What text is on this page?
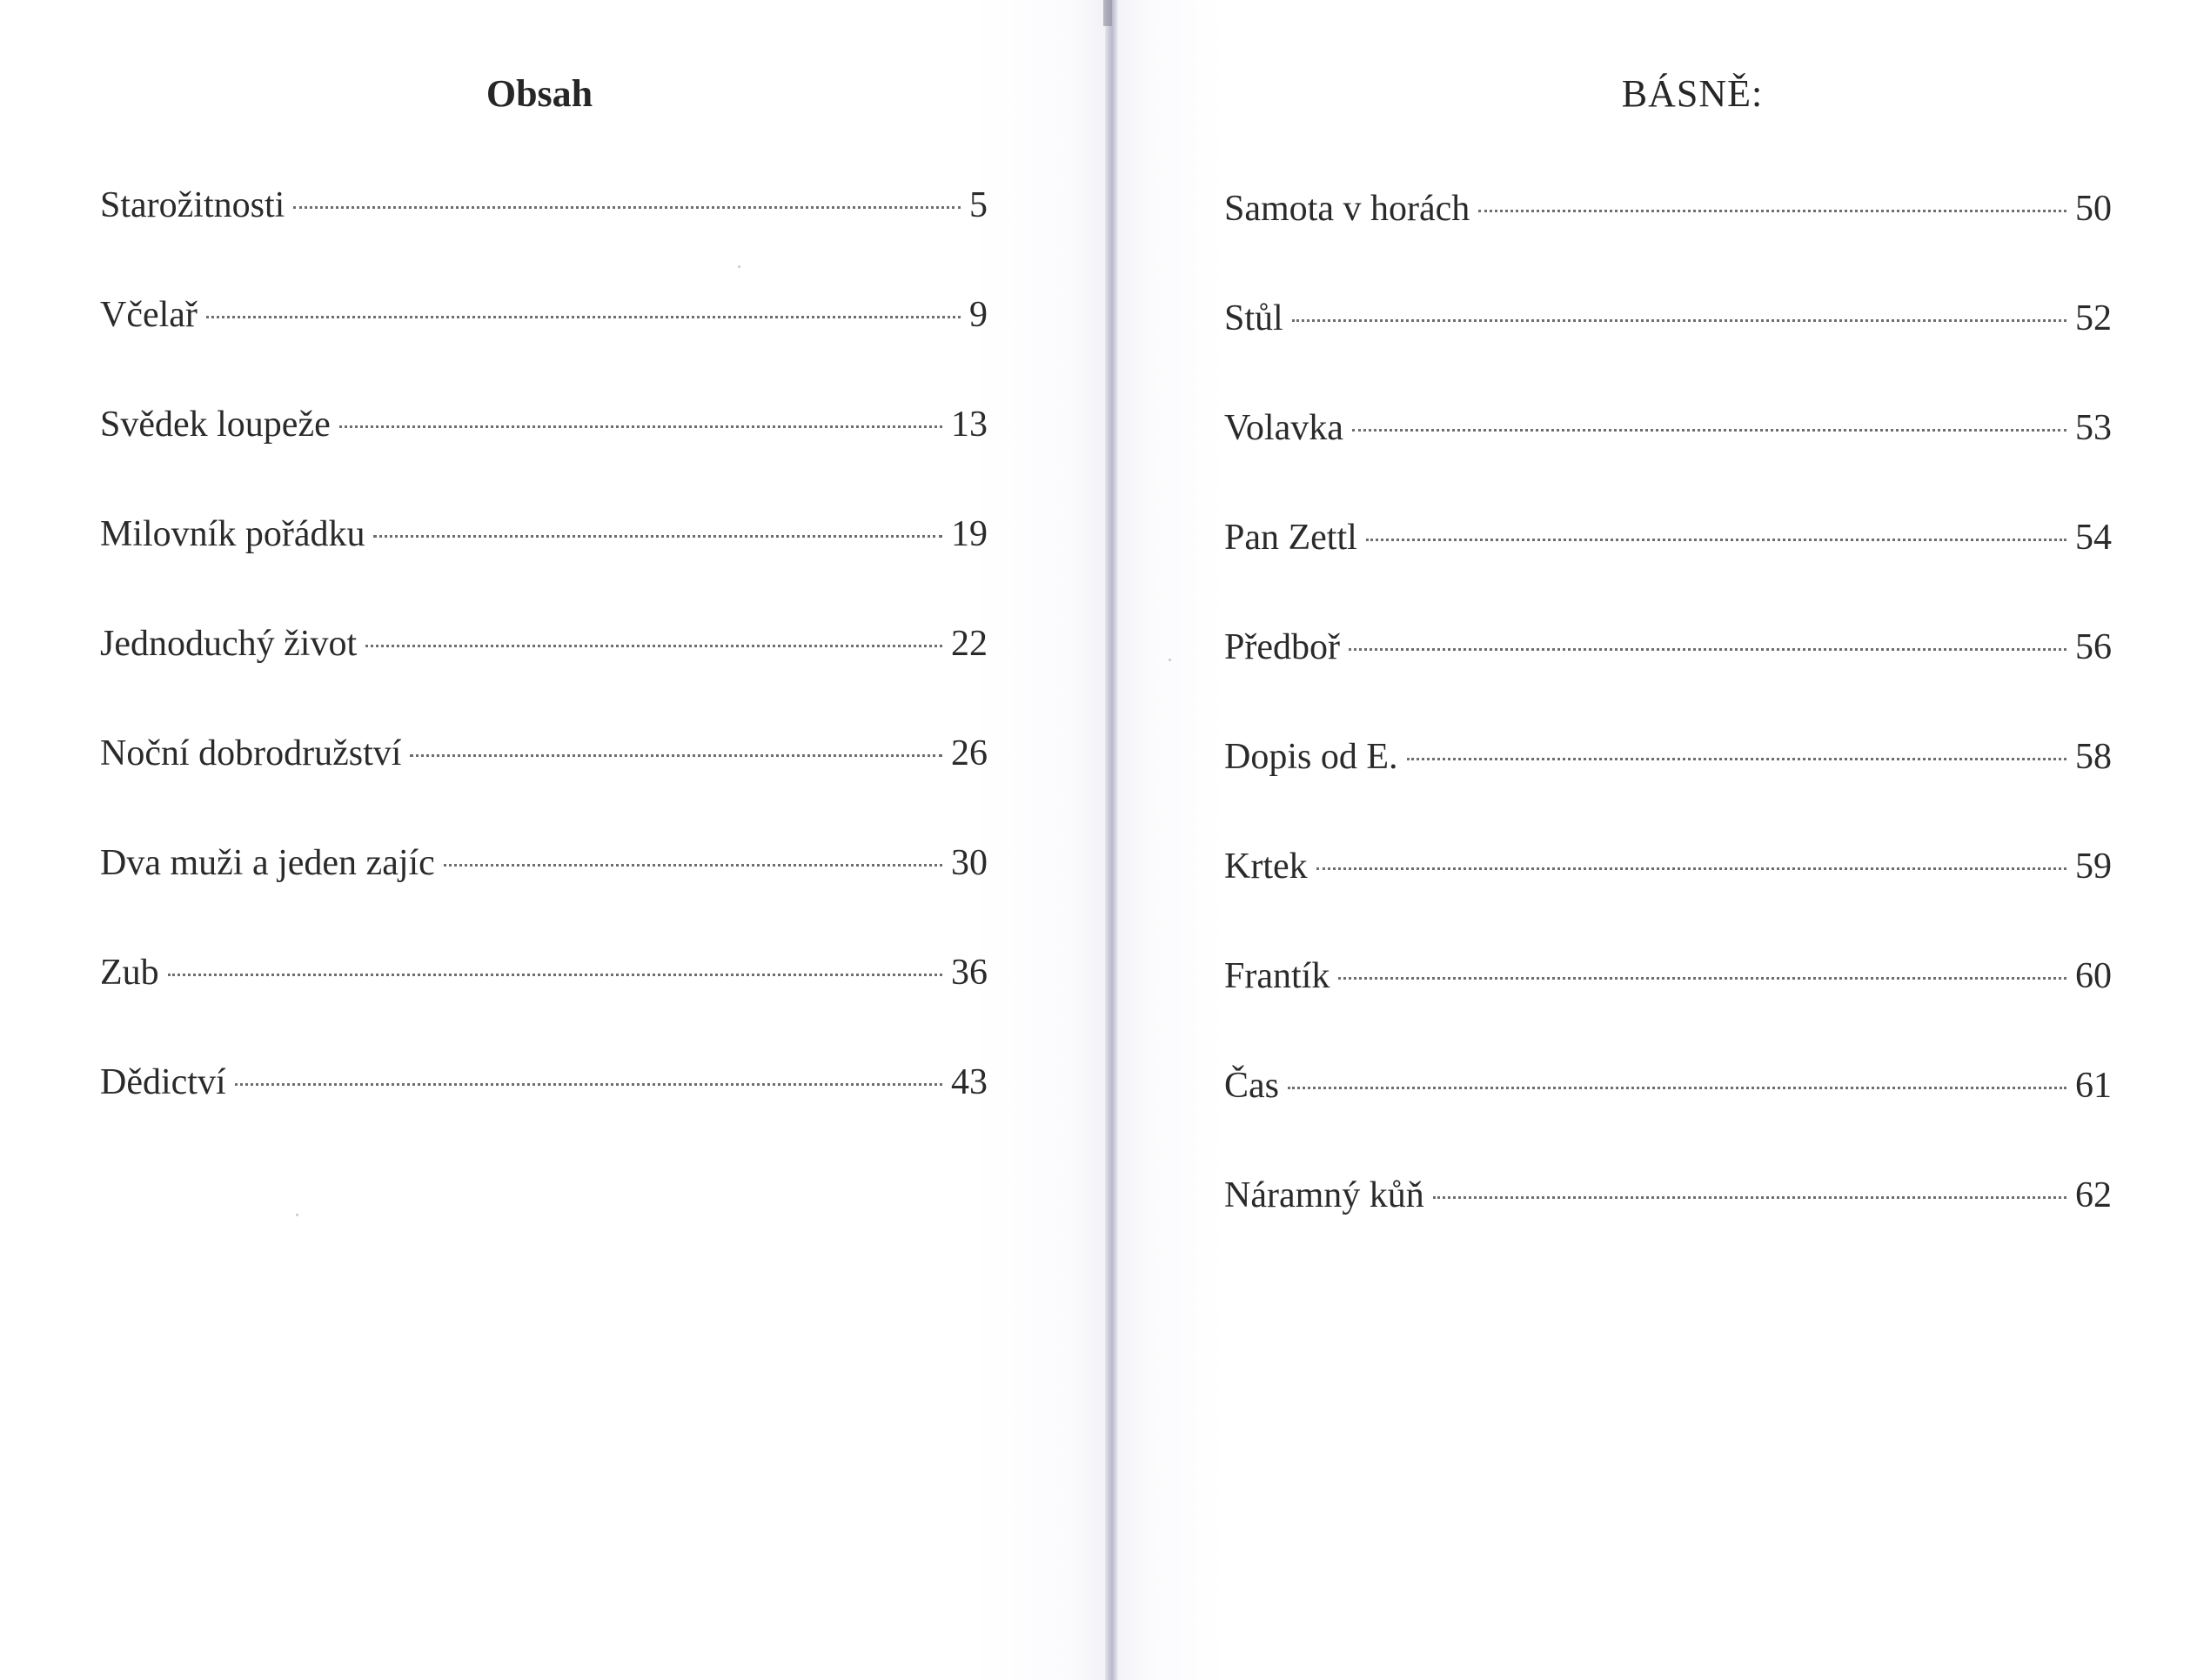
Obsah
Starožitnosti	5
Včelař	9
Svědek loupeže	13
Milovník pořádku	19
Jednoduchý život	22
Noční dobrodružství	26
Dva muži a jeden zajíc	30
Zub	36
Dědictví	43
BÁSNĚ:
Samota v horách	50
Stůl	52
Volavka	53
Pan Zettl	54
Předboř	56
Dopis od E.	58
Krtek	59
Frantík	60
Čas	61
Náramný kůň	62
